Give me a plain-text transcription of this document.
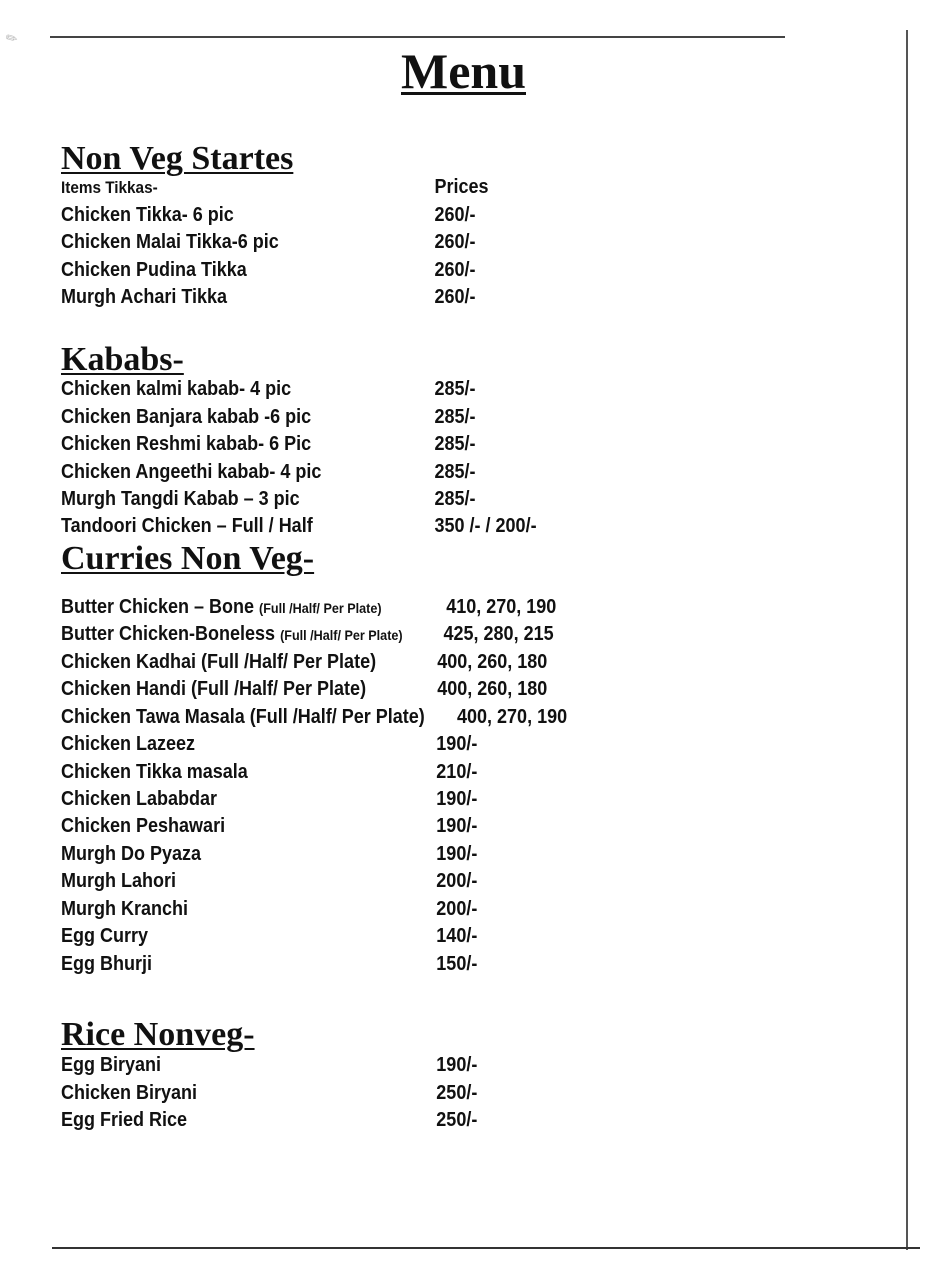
✎
Menu
Non Veg Startes
Items Tikkas-	Prices
Chicken Tikka- 6 pic	260/-
Chicken Malai Tikka-6 pic	260/-
Chicken Pudina Tikka	260/-
Murgh Achari Tikka	260/-
Kababs-
Chicken kalmi kabab- 4 pic	285/-
Chicken Banjara kabab -6 pic	285/-
Chicken Reshmi kabab- 6 Pic	285/-
Chicken Angeethi kabab- 4 pic	285/-
Murgh Tangdi Kabab – 3 pic	285/-
Tandoori Chicken – Full / Half	350 /- / 200/-
Curries Non Veg-
Butter Chicken – Bone (Full /Half/ Per Plate)	410, 270, 190
Butter Chicken-Boneless (Full /Half/ Per Plate) 425, 280, 215
Chicken Kadhai (Full /Half/ Per Plate)	400, 260, 180
Chicken Handi (Full /Half/ Per Plate)	400, 260, 180
Chicken Tawa Masala (Full /Half/ Per Plate) 400, 270, 190
Chicken Lazeez	190/-
Chicken Tikka masala	210/-
Chicken Lababdar	190/-
Chicken Peshawari	190/-
Murgh Do Pyaza	190/-
Murgh Lahori	200/-
Murgh Kranchi	200/-
Egg Curry	140/-
Egg Bhurji	150/-
Rice Nonveg-
Egg Biryani	190/-
Chicken Biryani	250/-
Egg Fried Rice	250/-
